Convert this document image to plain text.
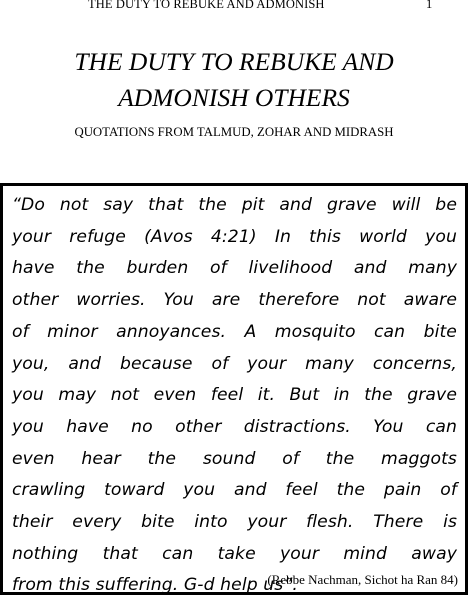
THE DUTY TO REBUKE AND ADMONISH	1
THE DUTY TO REBUKE AND
ADMONISH OTHERS
QUOTATIONS FROM TALMUD, ZOHAR AND MIDRASH
“Do not say that the pit and grave will be
your refuge (Avos 4:21) In this world you
have the burden of livelihood and many
other worries. You are therefore not aware
of minor annoyances. A mosquito can bite
you, and because of your many concerns,
you may not even feel it. But in the grave
you have no other distractions. You can
even hear the sound of the maggots
crawling toward you and feel the pain of
their every bite into your flesh. There is
nothing that can take your mind away
from this suffering. G-d help us”.
(Rebbe Nachman, Sichot ha Ran 84)
